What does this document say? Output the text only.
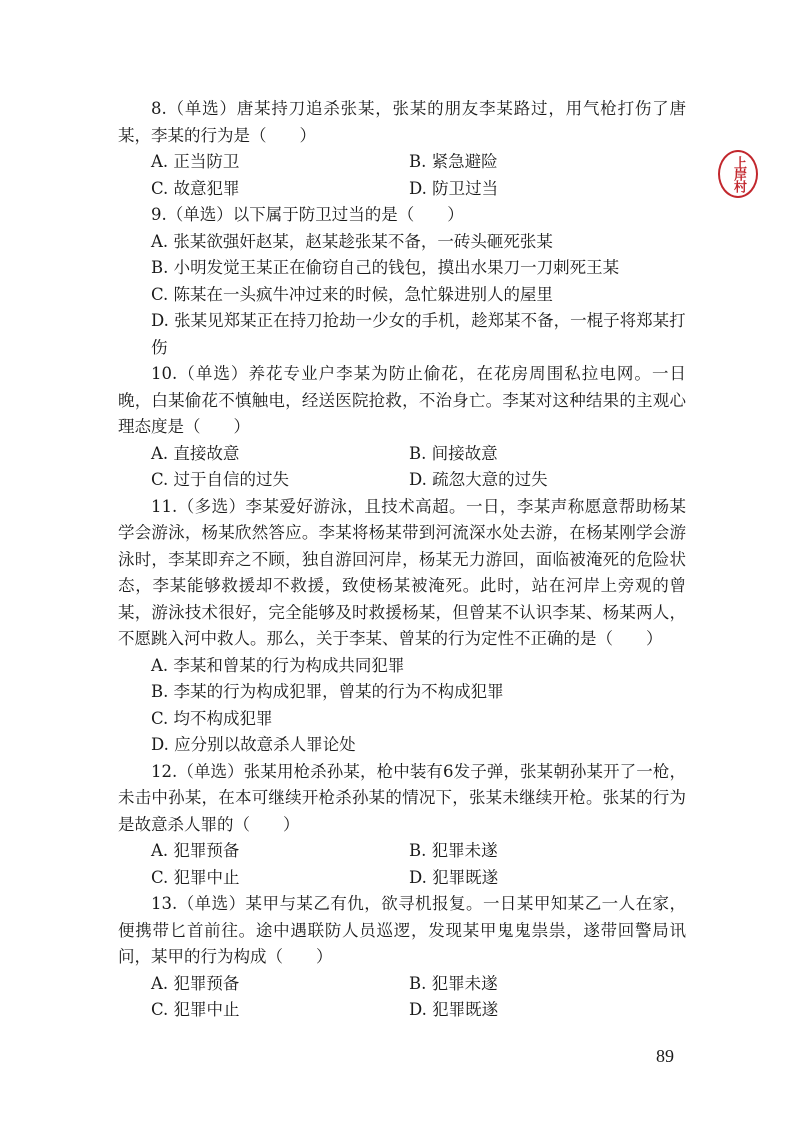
8.（单选）唐某持刀追杀张某，张某的朋友李某路过，用气枪打伤了唐某，李某的行为是（　　）

A. 正当防卫	B. 紧急避险
C. 故意犯罪	D. 防卫过当

9.（单选）以下属于防卫过当的是（　　）

A. 张某欲强奸赵某，赵某趁张某不备，一砖头砸死张某
B. 小明发觉王某正在偷窃自己的钱包，摸出水果刀一刀刺死王某
C. 陈某在一头疯牛冲过来的时候，急忙躲进别人的屋里
D. 张某见郑某正在持刀抢劫一少女的手机，趁郑某不备，一棍子将郑某打伤

10.（单选）养花专业户李某为防止偷花，在花房周围私拉电网。一日晚，白某偷花不慎触电，经送医院抢救，不治身亡。李某对这种结果的主观心理态度是（　　）

A. 直接故意	B. 间接故意
C. 过于自信的过失	D. 疏忽大意的过失

11.（多选）李某爱好游泳，且技术高超。一日，李某声称愿意帮助杨某学会游泳，杨某欣然答应。李某将杨某带到河流深水处去游，在杨某刚学会游泳时，李某即弃之不顾，独自游回河岸，杨某无力游回，面临被淹死的危险状态，李某能够救援却不救援，致使杨某被淹死。此时，站在河岸上旁观的曾某，游泳技术很好，完全能够及时救援杨某，但曾某不认识李某、杨某两人，不愿跳入河中救人。那么，关于李某、曾某的行为定性不正确的是（　　）

A. 李某和曾某的行为构成共同犯罪
B. 李某的行为构成犯罪，曾某的行为不构成犯罪
C. 均不构成犯罪
D. 应分别以故意杀人罪论处

12.（单选）张某用枪杀孙某，枪中装有6发子弹，张某朝孙某开了一枪，未击中孙某，在本可继续开枪杀孙某的情况下，张某未继续开枪。张某的行为是故意杀人罪的（　　）

A. 犯罪预备	B. 犯罪未遂
C. 犯罪中止	D. 犯罪既遂

13.（单选）某甲与某乙有仇，欲寻机报复。一日某甲知某乙一人在家，便携带匕首前往。途中遇联防人员巡逻，发现某甲鬼鬼祟祟，遂带回警局讯问，某甲的行为构成（　　）

A. 犯罪预备	B. 犯罪未遂
C. 犯罪中止	D. 犯罪既遂
上岸村
89
